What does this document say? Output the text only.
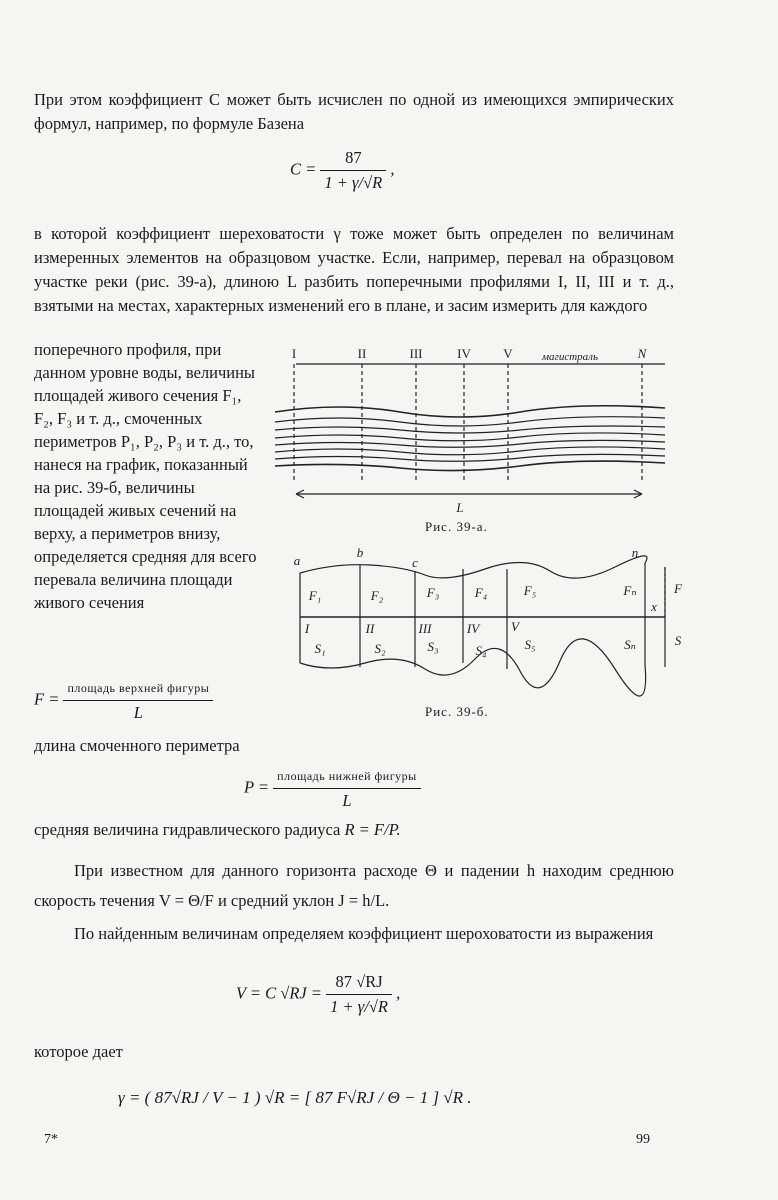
При этом коэффициент C может быть исчислен по одной из имеющихся эмпирических формул, например, по формуле Базена

$C = \frac{87}{1 + \gamma/√R}$ ,

в которой коэффициент шереховатости γ тоже может быть определен по величинам измеренных элементов на образцовом участке. Если, например, перевал на образцовом участке реки (рис. 39-а), длиною L разбить поперечными профилями I, II, III и т. д., взятыми на местах, характерных изменений его в плане, и засим измерить для каждого

поперечного профиля, при данном уровне воды, величины площадей живого сечения F₁, F₂, F₃ и т. д., смоченных периметров P₁, P₂, P₃ и т. д., то, нанеся на график, показанный на рис. 39-б, величины площадей живых сечений на верху, а периметров внизу, определяется средняя для всего перевала величина площади живого сечения

I	II	III	IV V	магистраль	N
L
Рис. 39-а.
a
b
c
n
F₁	F₂	F₃	F₄	F₅	Fₙ
I	II	III	IV V
S₁	S₂	S₃	S₄	S₅	Sₙ
F
x
S
Рис. 39-б.
$F = \frac{\text{площадь верхней фигуры}}{L}$

длина смоченного периметра

$P = \frac{\text{площадь нижней фигуры}}{L}$

средняя величина гидравлического радиуса R = F/P.

При известном для данного горизонта расходе Θ и падении h находим среднюю скорость течения V = Θ/F и средний уклон J = h/L.

По найденным величинам определяем коэффициент шероховатости из выражения

V = C $√RJ = \frac{87 √RJ}{1 + \gamma/√R}$ ,

которое дает

γ = ( 87√RJ / V − 1 ) √R = [ 87 F√RJ / Θ − 1 ] √R .
7*	99
